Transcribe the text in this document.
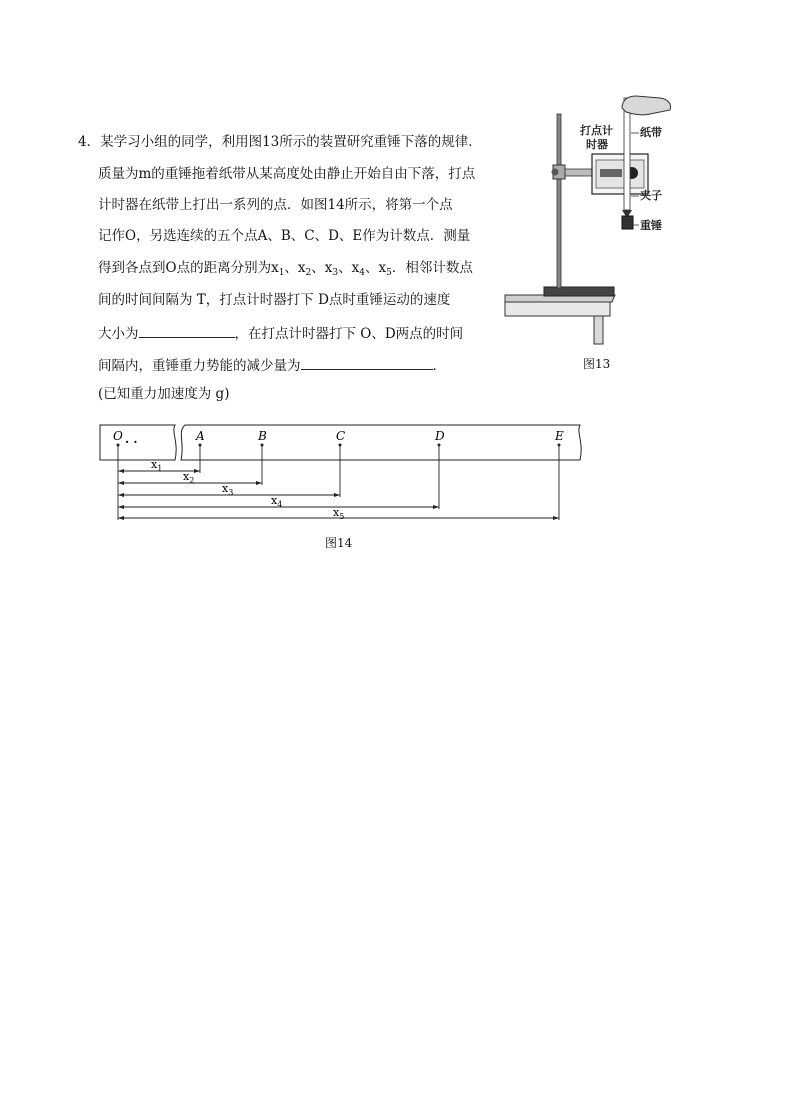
4．某学习小组的同学，利用图13所示的装置研究重锤下落的规律．
质量为m的重锤拖着纸带从某高度处由静止开始自由下落，打点
计时器在纸带上打出一系列的点．如图14所示，将第一个点
记作O，另选连续的五个点A、B、C、D、E作为计数点．测量
得到各点到O点的距离分别为$x_1$、$x_2$、$x_3$、$x_4$、$x_5$．相邻计数点
间的时间间隔为 T，打点计时器打下 D点时重锤运动的速度
大小为	，在打点计时器打下 O、D两点的时间
间隔内，重锤重力势能的减少量为	．
(已知重力加速度为 g)
打点计
时器
纸带
夹子
重锤
图13
O · ·	A	B	C	D	E
$x_1$
$x_2$
$x_3$
$x_4$
$x_5$
图14
